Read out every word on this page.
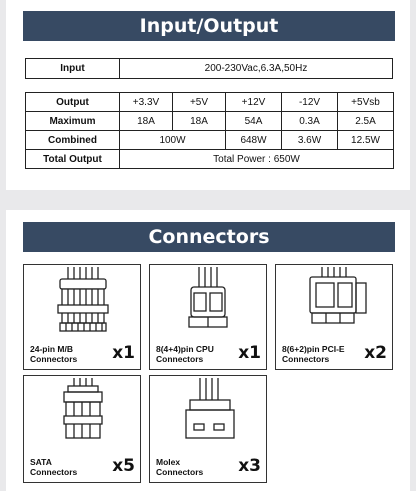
Input/Output
Input	200-230Vac,6.3A,50Hz
Output	+3.3V	+5V	+12V	-12V	+5Vsb
Maximum	18A	18A	54A	0.3A	2.5A
Combined	100W		648W	3.6W	12.5W
Total Output	Total Power : 650W				
Connectors
24-pin M/B
Connectors	x1 8(4+4)pin CPU
Connectors	x1 8(6+2)pin PCI-E
Connectors	x2
SATA
Connectors	x5 Molex
Connectors	x3
